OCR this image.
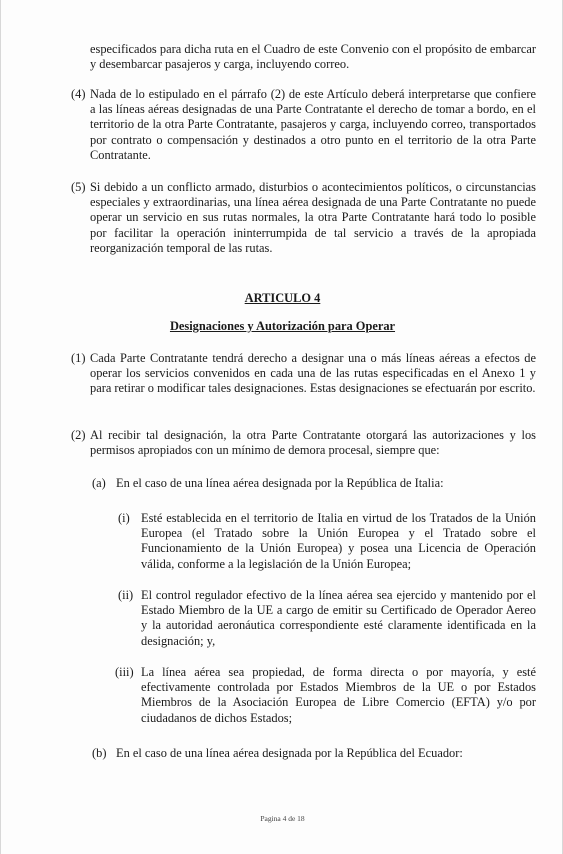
especificados para dicha ruta en el Cuadro de este Convenio con el propósito de embarcar y desembarcar pasajeros y carga, incluyendo correo.

(4) Nada de lo estipulado en el párrafo (2) de este Artículo deberá interpretarse que confiere a las líneas aéreas designadas de una Parte Contratante el derecho de tomar a bordo, en el territorio de la otra Parte Contratante, pasajeros y carga, incluyendo correo, transportados por contrato o compensación y destinados a otro punto en el territorio de la otra Parte Contratante.

(5) Si debido a un conflicto armado, disturbios o acontecimientos políticos, o circunstancias especiales y extraordinarias, una línea aérea designada de una Parte Contratante no puede operar un servicio en sus rutas normales, la otra Parte Contratante hará todo lo posible por facilitar la operación ininterrumpida de tal servicio a través de la apropiada reorganización temporal de las rutas.

ARTICULO 4
Designaciones y Autorización para Operar
(1) Cada Parte Contratante tendrá derecho a designar una o más líneas aéreas a efectos de operar los servicios convenidos en cada una de las rutas especificadas en el Anexo 1 y para retirar o modificar tales designaciones. Estas designaciones se efectuarán por escrito.

(2) Al recibir tal designación, la otra Parte Contratante otorgará las autorizaciones y los permisos apropiados con un mínimo de demora procesal, siempre que:

(a) En el caso de una línea aérea designada por la República de Italia:

(i) Esté establecida en el territorio de Italia en virtud de los Tratados de la Unión Europea (el Tratado sobre la Unión Europea y el Tratado sobre el Funcionamiento de la Unión Europea) y posea una Licencia de Operación válida, conforme a la legislación de la Unión Europea;

(ii) El control regulador efectivo de la línea aérea sea ejercido y mantenido por el Estado Miembro de la UE a cargo de emitir su Certificado de Operador Aereo y la autoridad aeronáutica correspondiente esté claramente identificada en la designación; y,

(iii) La línea aérea sea propiedad, de forma directa o por mayoría, y esté efectivamente controlada por Estados Miembros de la UE o por Estados Miembros de la Asociación Europea de Libre Comercio (EFTA) y/o por ciudadanos de dichos Estados;

(b) En el caso de una línea aérea designada por la República del Ecuador:

Pagina 4 de 18
